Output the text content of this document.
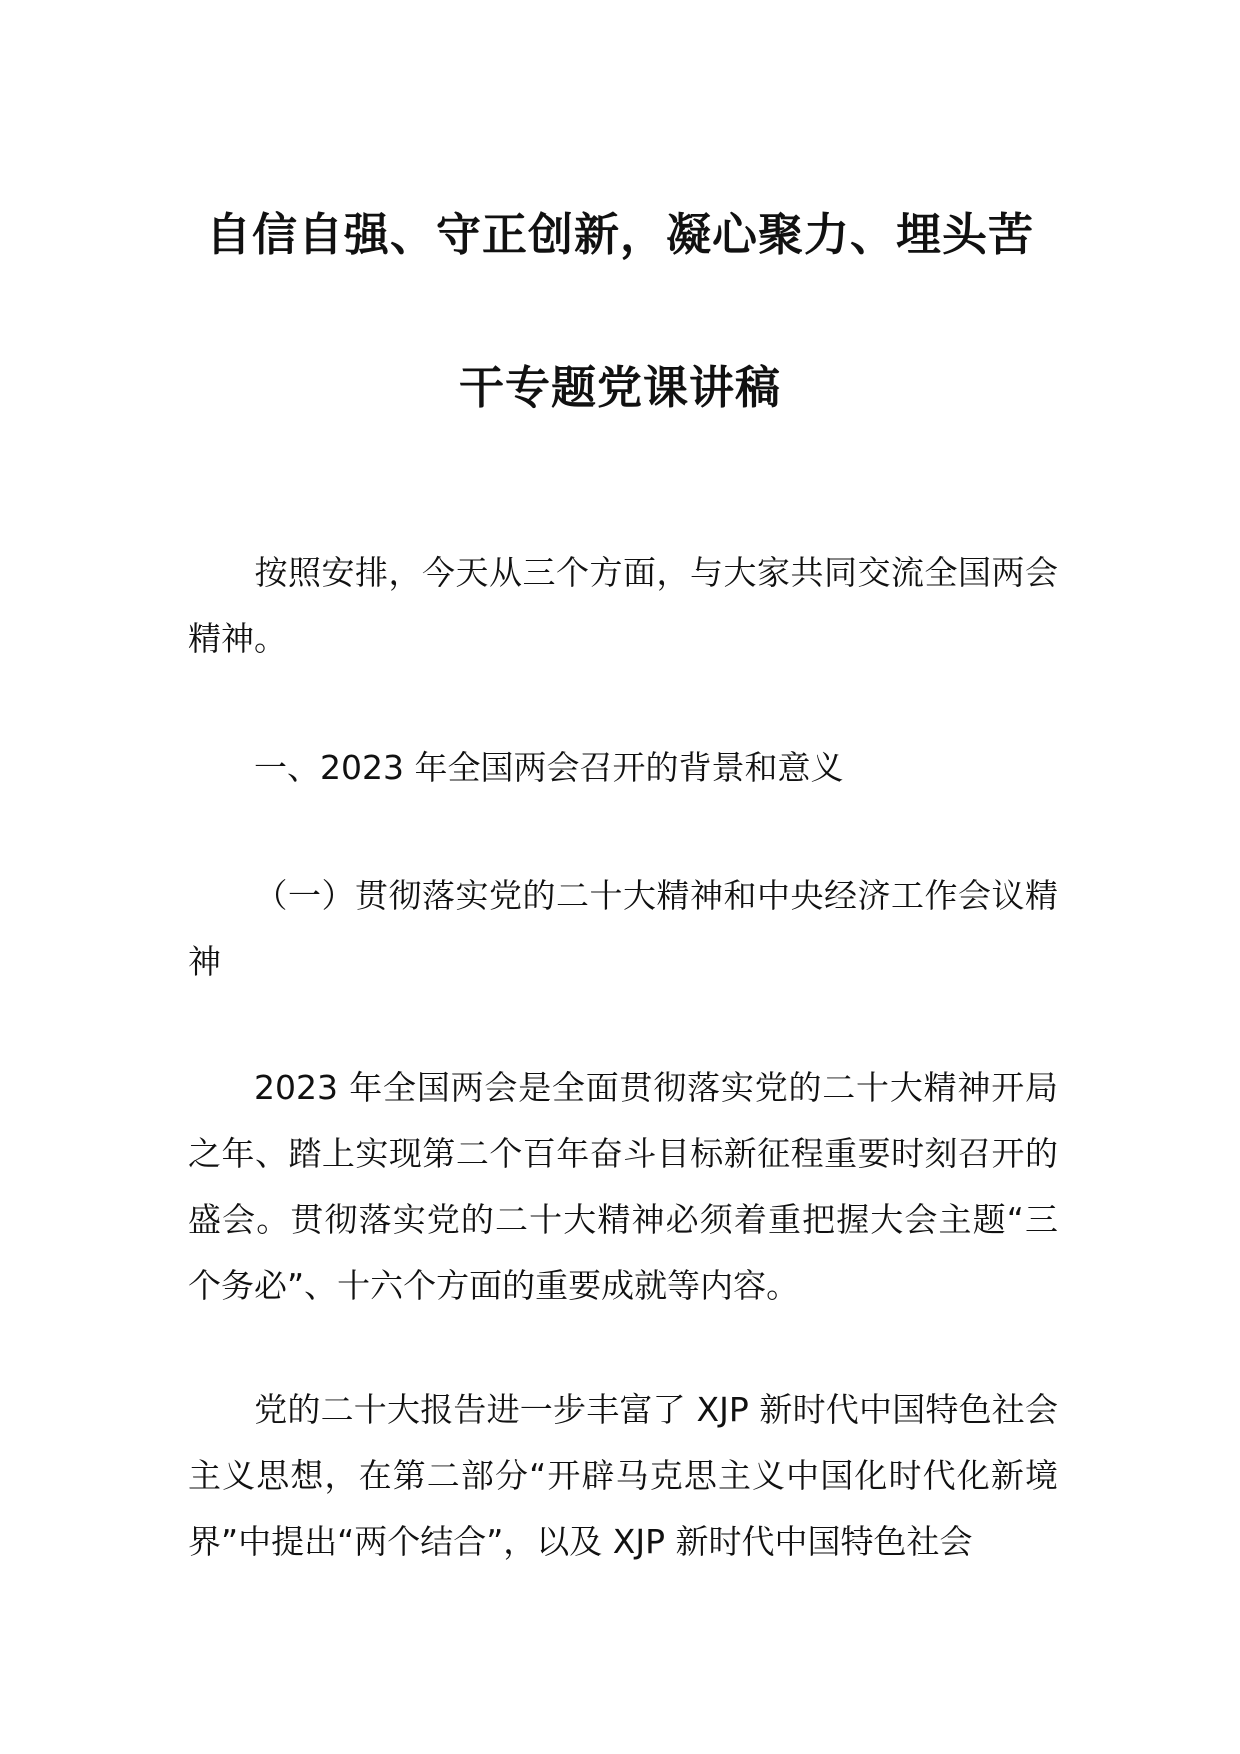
自信自强、守正创新，凝心聚力、埋头苦
干专题党课讲稿
按照安排，今天从三个方面，与大家共同交流全国两会精神。
一、2023 年全国两会召开的背景和意义
（一）贯彻落实党的二十大精神和中央经济工作会议精神
2023 年全国两会是全面贯彻落实党的二十大精神开局之年、踏上实现第二个百年奋斗目标新征程重要时刻召开的盛会。贯彻落实党的二十大精神必须着重把握大会主题“三个务必”、十六个方面的重要成就等内容。
党的二十大报告进一步丰富了 XJP 新时代中国特色社会主义思想，在第二部分“开辟马克思主义中国化时代化新境界”中提出“两个结合”，以及 XJP 新时代中国特色社会
